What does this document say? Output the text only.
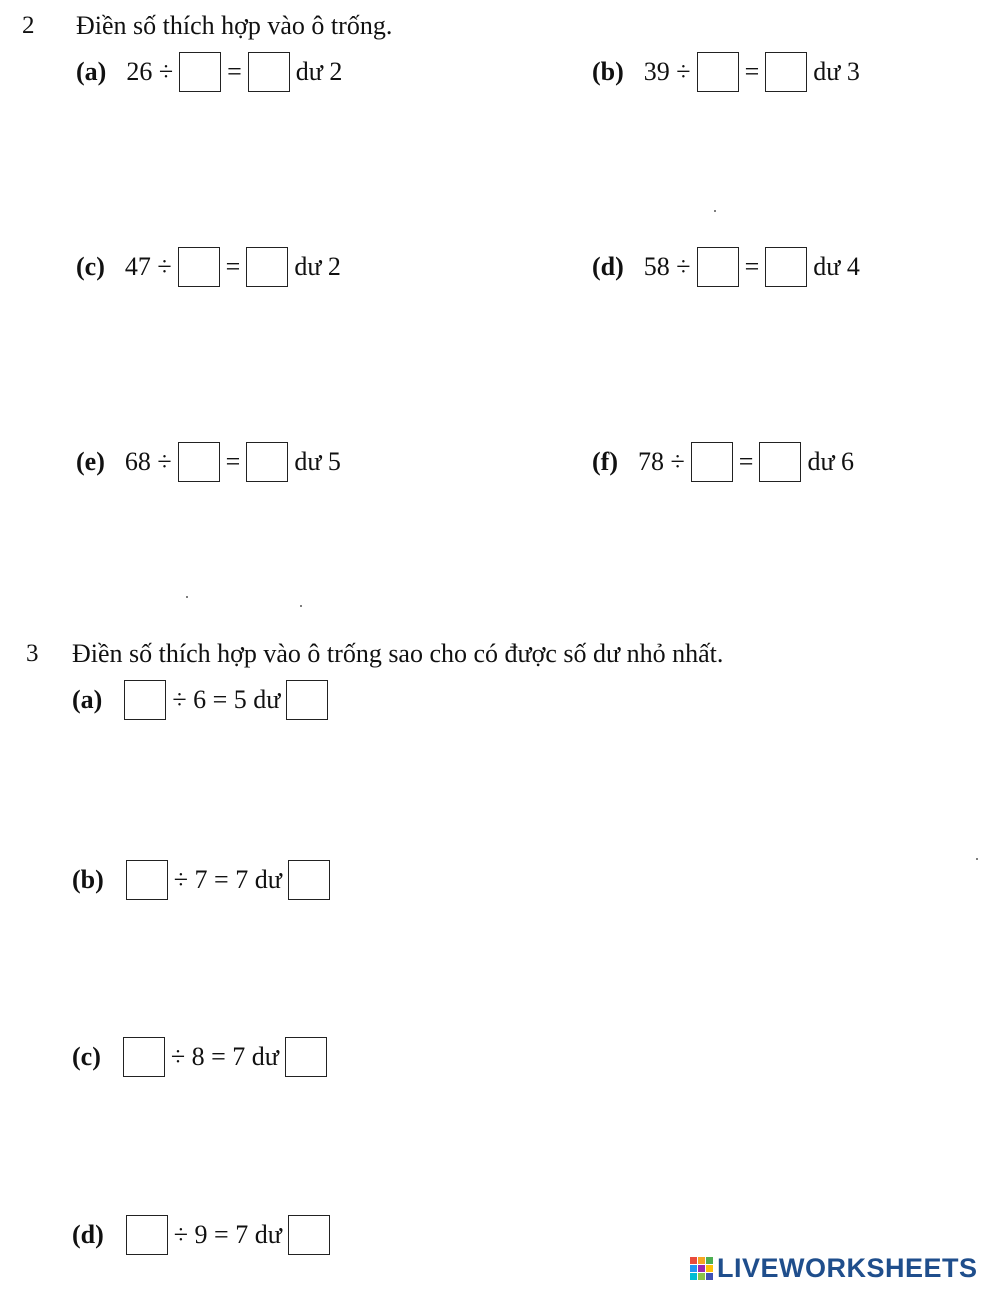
2 Điền số thích hợp vào ô trống.
(a) 26 ÷ = dư 2	(b) 39 ÷ = dư 3
(c) 47 ÷ = dư 2	(d) 58 ÷ = dư 4
(e) 68 ÷ = dư 5	(f) 78 ÷ = dư 6
3 Điền số thích hợp vào ô trống sao cho có được số dư nhỏ nhất.
(a)	÷ 6 = 5 dư
(b)	÷ 7 = 7 dư
(c)	÷ 8 = 7 dư
(d)	÷ 9 = 7 dư
LIVEWORKSHEETS
